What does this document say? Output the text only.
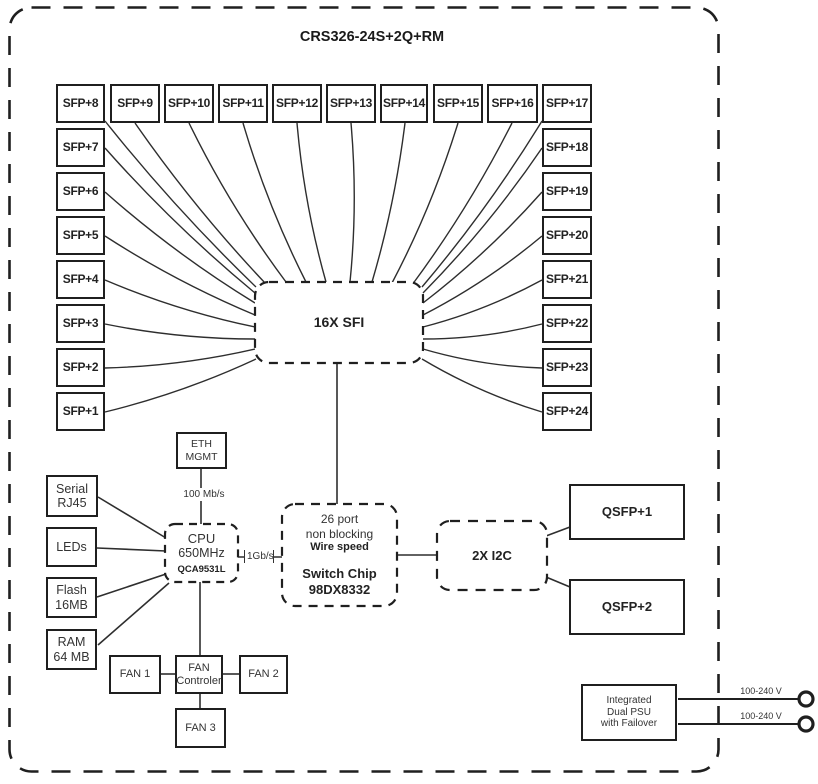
CRS326-24S+2Q+RM
SFP+8 SFP+9 SFP+10 SFP+11 SFP+12 SFP+13 SFP+14 SFP+15 SFP+16 SFP+17
SFP+7
SFP+6
SFP+5
SFP+4
SFP+3
SFP+2
SFP+1
SFP+18
SFP+19
SFP+20
SFP+21
SFP+22
SFP+23
SFP+24
16X SFI
ETH
MGMT
100 Mb/s
Serial
RJ45
LEDs
Flash
16MB
RAM
64 MB
CPU
650MHz
QCA9531L
1Gb/s
26 port
non blocking
Wire speed
Switch Chip
98DX8332
2X I2C
QSFP+1
QSFP+2
FAN 1
FAN
Controler
FAN 2
FAN 3
Integrated
Dual PSU
with Failover
100-240 V
100-240 V
